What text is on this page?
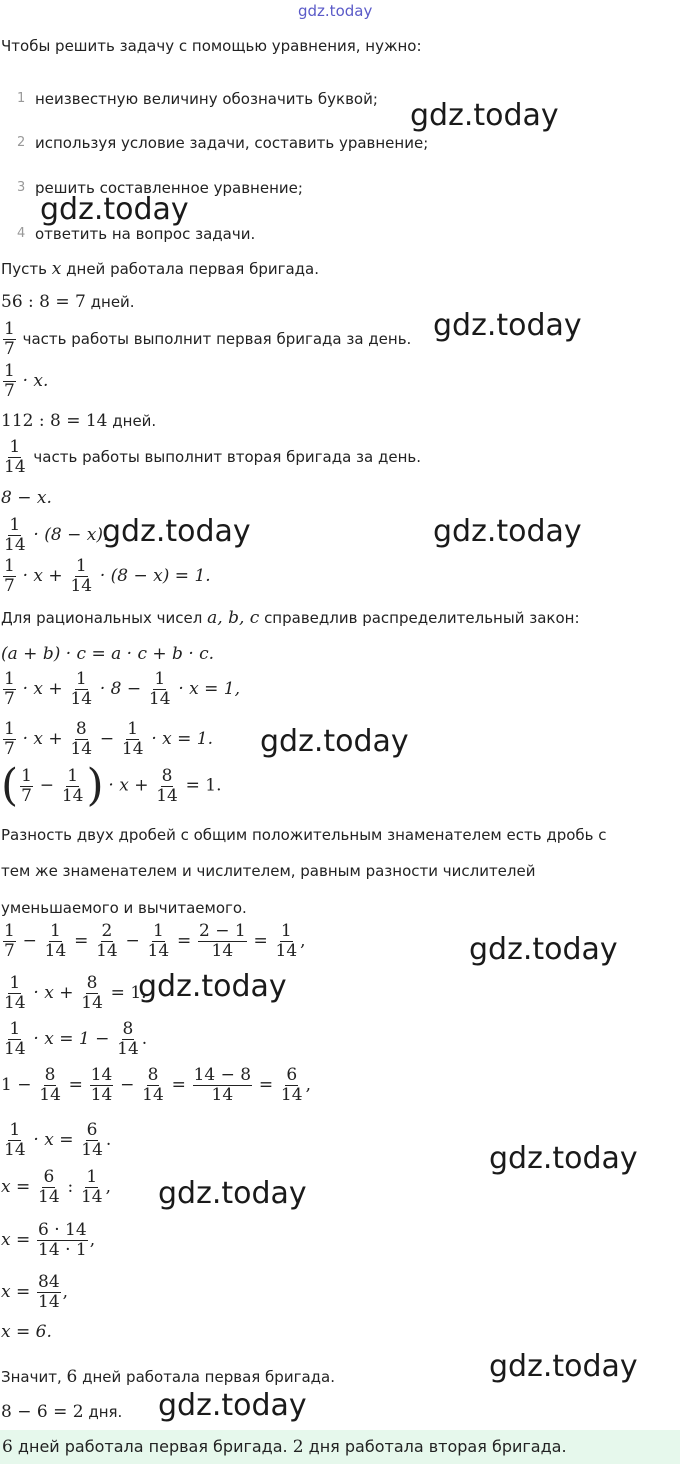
gdz.today
Чтобы решить задачу с помощью уравнения, нужно:
1 неизвестную величину обозначить буквой;
2 используя условие задачи, составить уравнение;
3 решить составленное уравнение;
4 ответить на вопрос задачи.
Пусть x дней работала первая бригада.
56 : 8 = 7 дней.
$\frac{1}{7}$ часть работы выполнит первая бригада за день.
$\frac{1}{7} \cdot x$.
112 : 8 = 14 дней.
$\frac{1}{14}$ часть работы выполнит вторая бригада за день.
8 − x.
$\frac{1}{14} \cdot (8 - x)$.
$\frac{1}{7} \cdot x + \frac{1}{14} \cdot (8 - x) = 1$.
Для рациональных чисел a, b, c справедлив распределительный закон:
(a + b) · c = a · c + b · c.
$\frac{1}{7} \cdot x + \frac{1}{14} \cdot 8 - \frac{1}{14} \cdot x = 1$,
$\frac{1}{7} \cdot x + \frac{8}{14} - \frac{1}{14} \cdot x = 1$.
( $\frac{1}{7} - \frac{1}{14}$ ) · $x + \frac{8}{14} = 1$.
Разность двух дробей с общим положительным знаменателем есть дробь с
тем же знаменателем и числителем, равным разности числителей
уменьшаемого и вычитаемого.
$\frac{1}{7} - \frac{1}{14} = \frac{2}{14} - \frac{1}{14} = \frac{2 - 1}{14} = \frac{1}{14}$ ,
$\frac{1}{14} \cdot x + \frac{8}{14} = 1$.
$\frac{1}{14} \cdot x = 1 - \frac{8}{14}$ .
$1 - \frac{8}{14} = \frac{14}{14} - \frac{8}{14} = \frac{14 - 8}{14} = \frac{6}{14}$ ,
$\frac{1}{14} \cdot x = \frac{6}{14}$ .
$x = \frac{6}{14}$ : $\frac{1}{14}$ ,
$x = \frac{6 \cdot 14}{14 \cdot 1}$ ,
$x = \frac{84}{14}$ ,
x = 6.
Значит, 6 дней работала первая бригада.
8 − 6 = 2 дня.
6 дней работала первая бригада. 2 дня работала вторая бригада.
gdz.today
gdz.today
gdz.today
gdz.today	gdz.today
gdz.today
gdz.today
gdz.today
gdz.today
gdz.today
gdz.today
gdz.today
